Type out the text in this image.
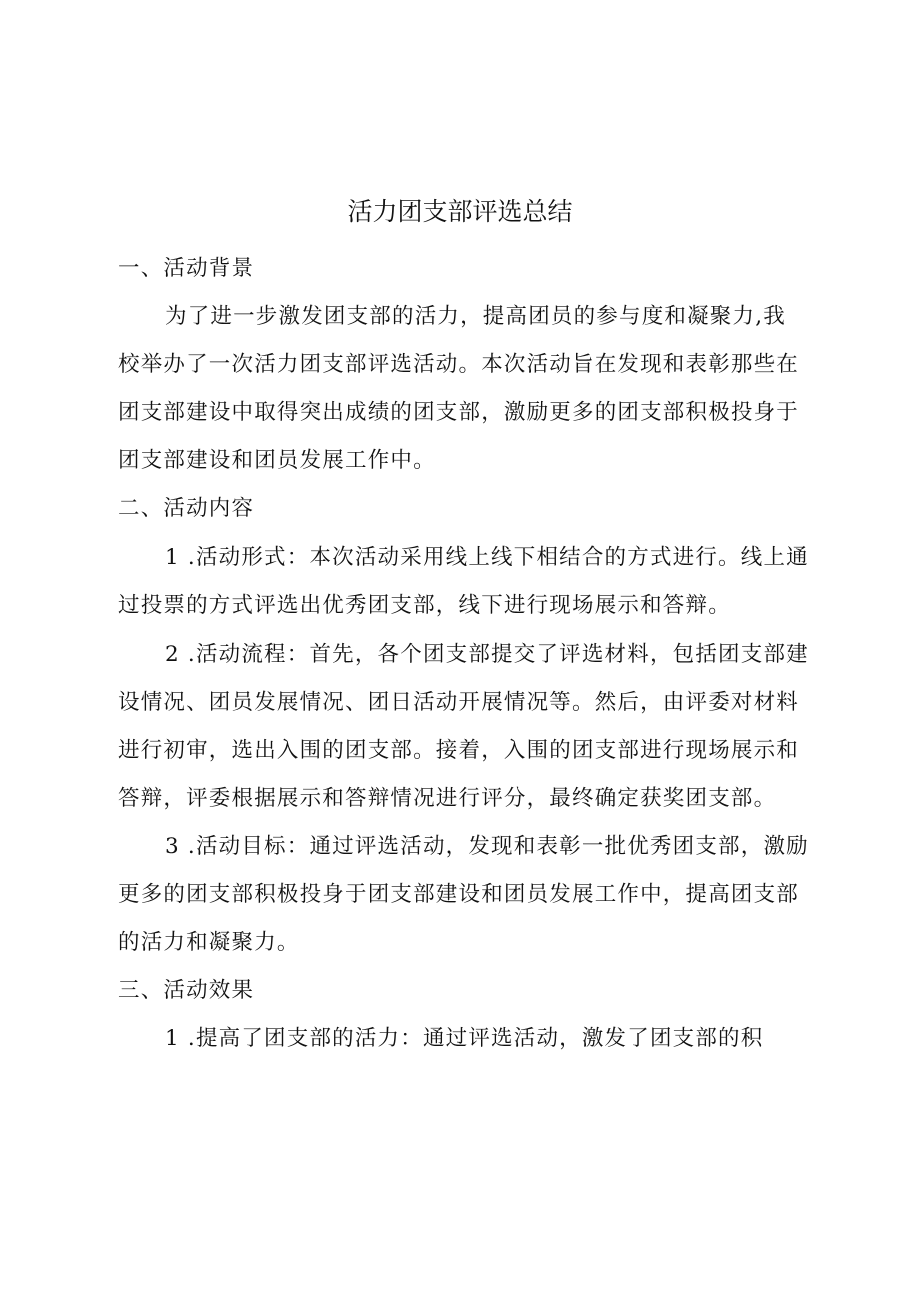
活力团支部评选总结
一、活动背景
为了进一步激发团支部的活力，提高团员的参与度和凝聚力,我
校举办了一次活力团支部评选活动。本次活动旨在发现和表彰那些在
团支部建设中取得突出成绩的团支部，激励更多的团支部积极投身于
团支部建设和团员发展工作中。
二、活动内容
1 .活动形式：本次活动采用线上线下相结合的方式进行。线上通
过投票的方式评选出优秀团支部，线下进行现场展示和答辩。
2 .活动流程：首先，各个团支部提交了评选材料，包括团支部建
设情况、团员发展情况、团日活动开展情况等。然后，由评委对材料
进行初审，选出入围的团支部。接着，入围的团支部进行现场展示和
答辩，评委根据展示和答辩情况进行评分，最终确定获奖团支部。
3 .活动目标：通过评选活动，发现和表彰一批优秀团支部，激励
更多的团支部积极投身于团支部建设和团员发展工作中，提高团支部
的活力和凝聚力。
三、活动效果
1 .提高了团支部的活力：通过评选活动，激发了团支部的积
